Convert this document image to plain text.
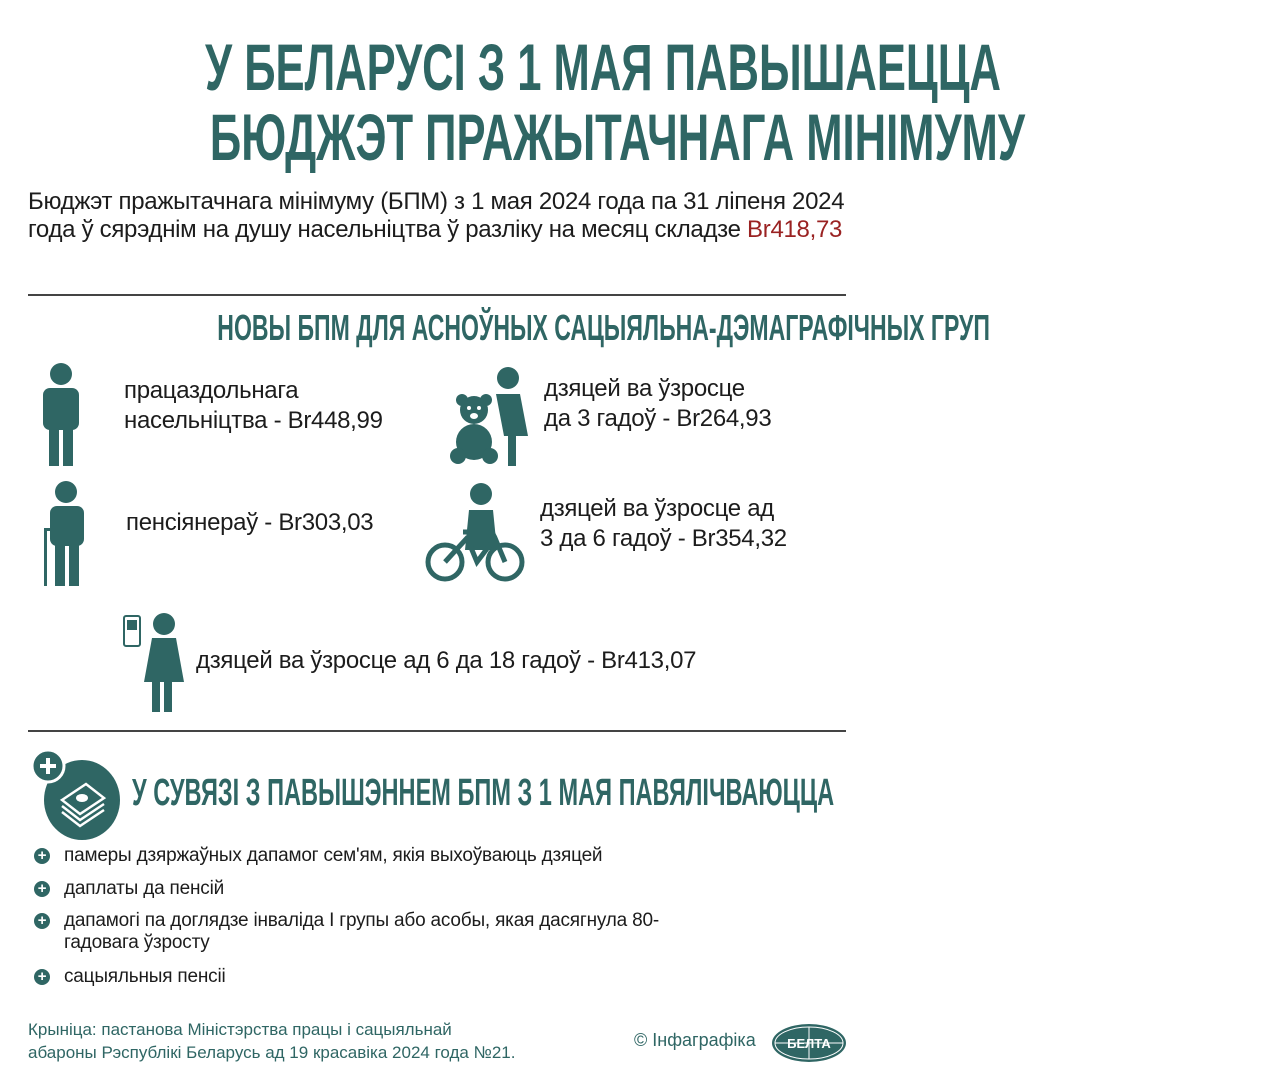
У БЕЛАРУСІ З 1 МАЯ ПАВЫШАЕЦЦА
БЮДЖЭТ ПРАЖЫТАЧНАГА МІНІМУМУ
Бюджэт пражытачнага мінімуму (БПМ) з 1 мая 2024 года па 31 ліпеня 2024 года ў сярэднім на душу насельніцтва ў разліку на месяц складзе Br418,73
НОВЫ БПМ ДЛЯ АСНОЎНЫХ САЦЫЯЛЬНА-ДЭМАГРАФІЧНЫХ ГРУП
працаздольнага
насельніцтва - Br448,99
дзяцей ва ўзросце
да 3 гадоў - Br264,93
пенсіянераў - Br303,03
дзяцей ва ўзросце ад
3 да 6 гадоў - Br354,32
дзяцей ва ўзросце ад 6 да 18 гадоў - Br413,07
У СУВЯЗІ З ПАВЫШЭННЕМ БПМ З 1 МАЯ ПАВЯЛІЧВАЮЦЦА
+ памеры дзяржаўных дапамог сем'ям, якія выхоўваюць дзяцей
+ даплаты да пенсій
+ дапамогі па доглядзе інваліда I групы або асобы, якая дасягнула 80-гадовага ўзросту
+ сацыяльныя пенсіі
Крыніца: пастанова Міністэрства працы і сацыяльнай
абароны Рэспублікі Беларусь ад 19 красавіка 2024 года №21.
© Інфаграфіка БЕЛТА
